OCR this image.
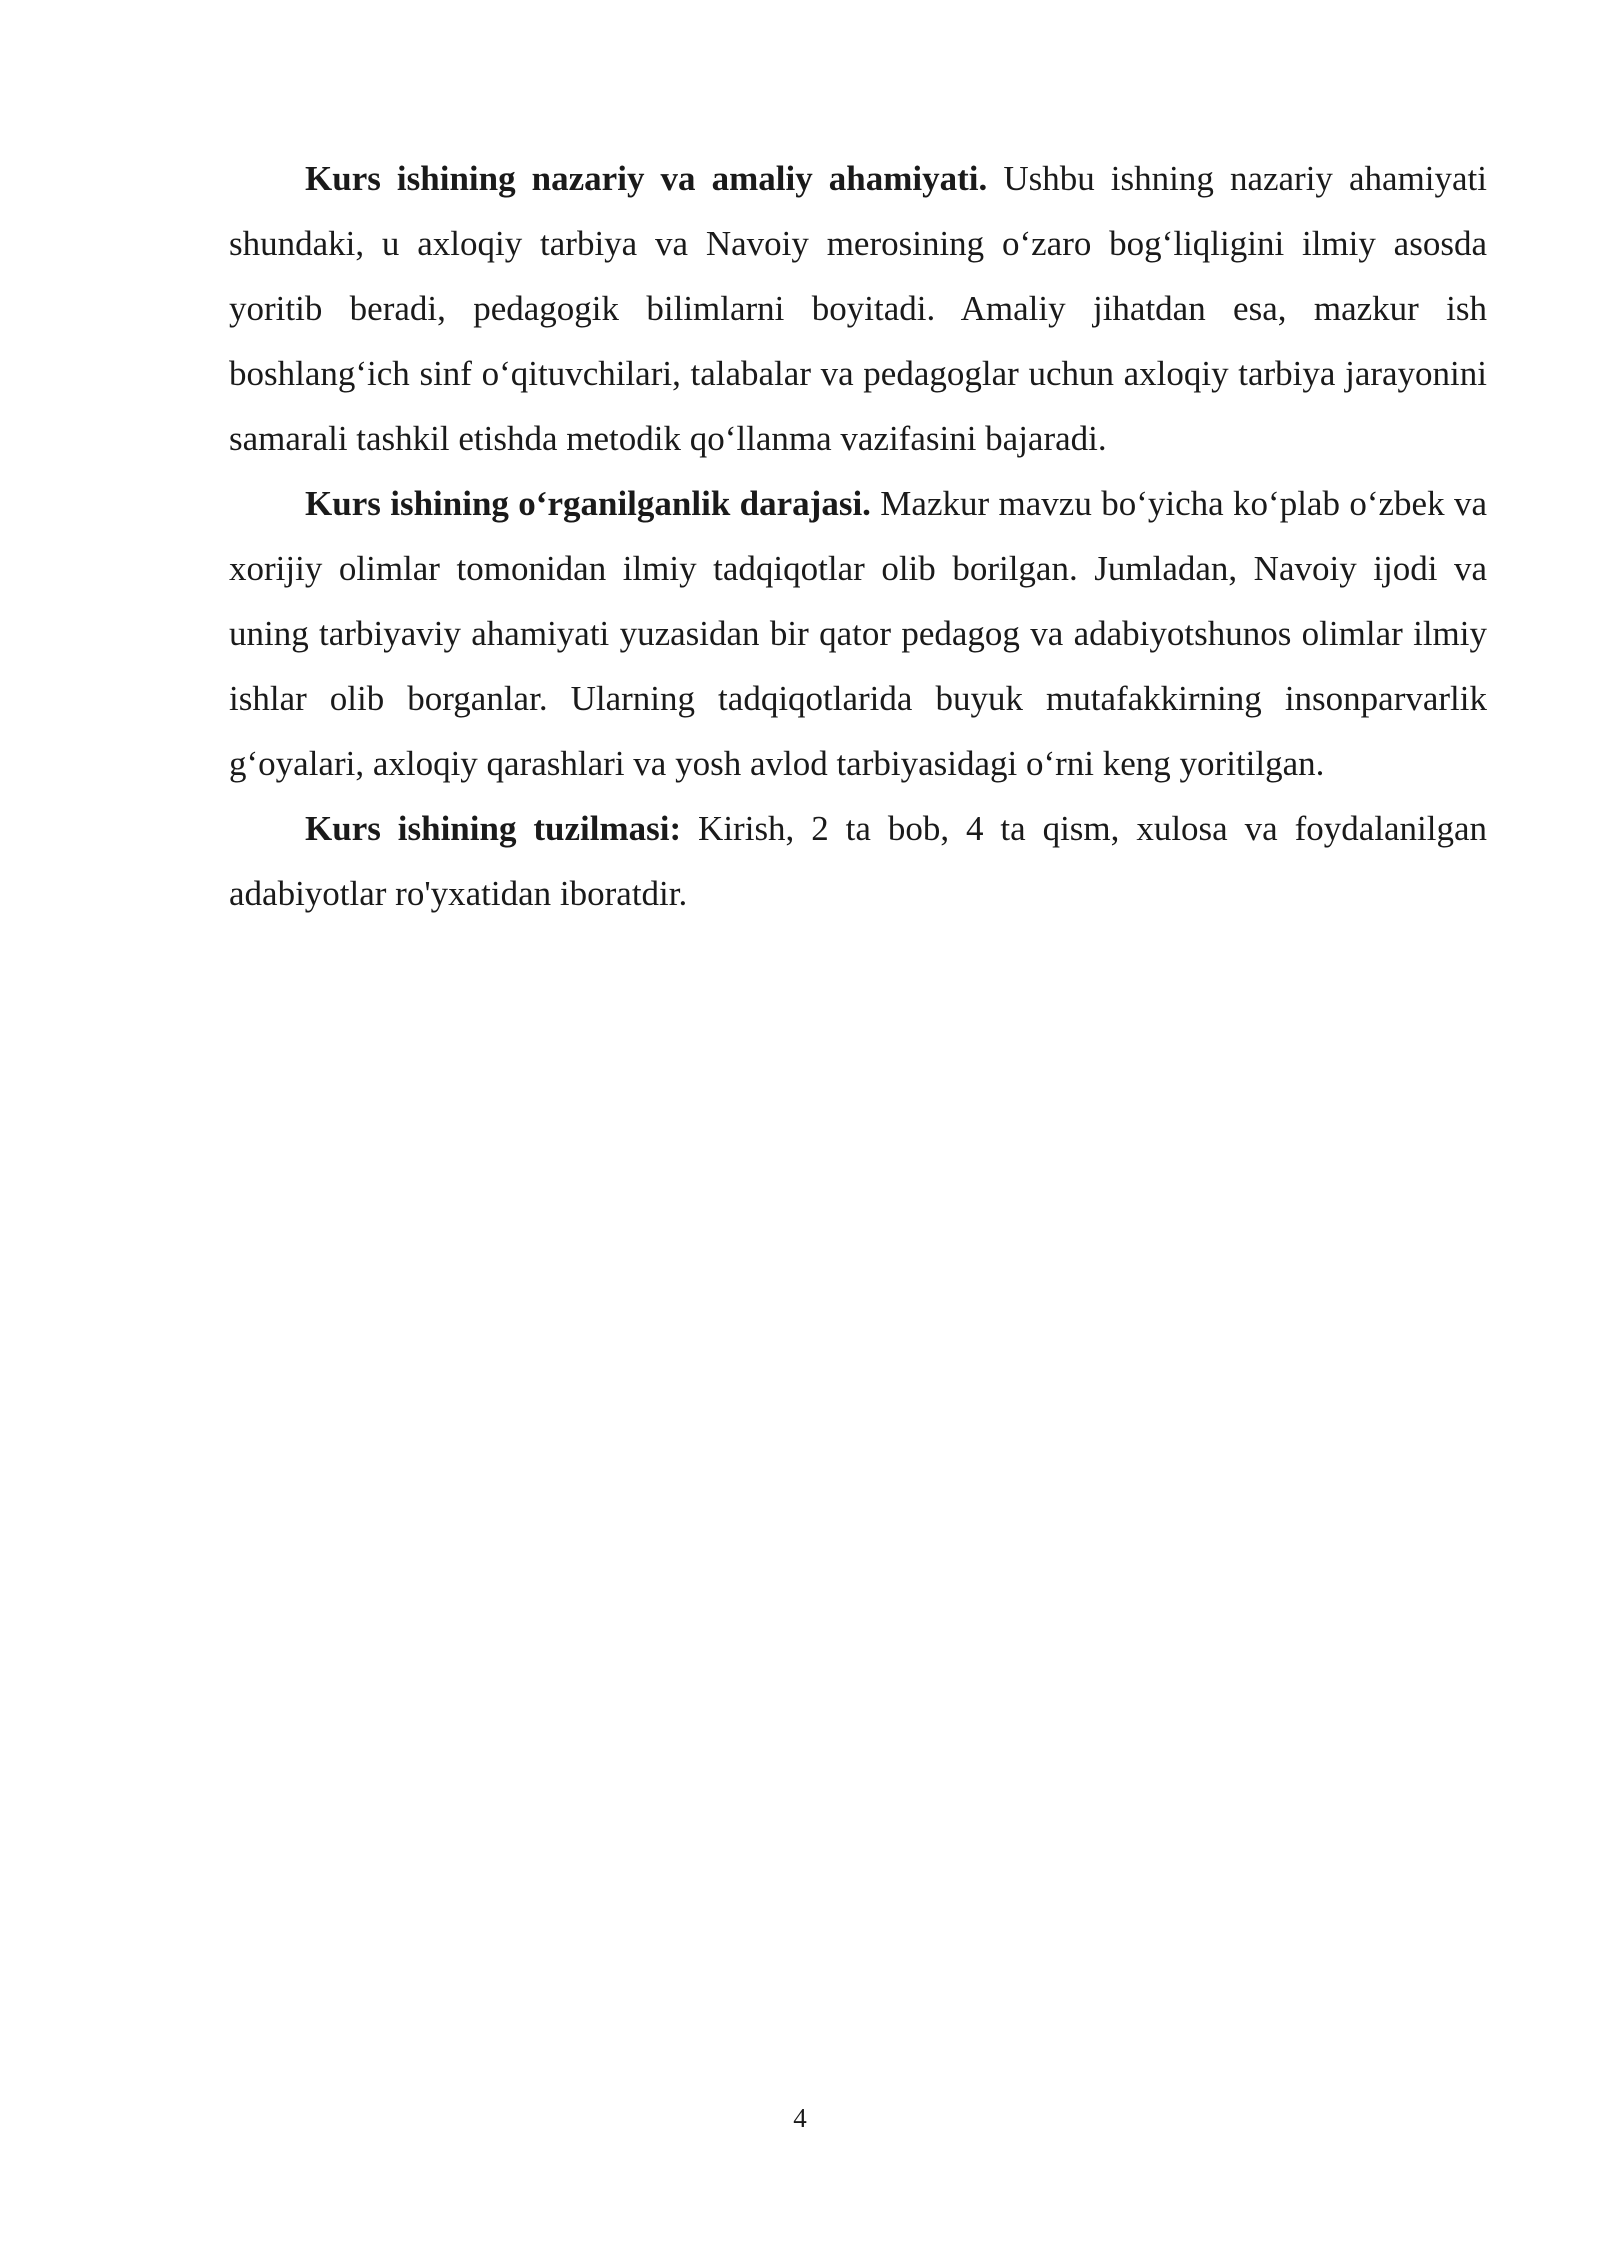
Kurs ishining nazariy va amaliy ahamiyati. Ushbu ishning nazariy ahamiyati shundaki, u axloqiy tarbiya va Navoiy merosining o‘zaro bog‘liqligini ilmiy asosda yoritib beradi, pedagogik bilimlarni boyitadi. Amaliy jihatdan esa, mazkur ish boshlang‘ich sinf o‘qituvchilari, talabalar va pedagoglar uchun axloqiy tarbiya jarayonini samarali tashkil etishda metodik qo‘llanma vazifasini bajaradi.

Kurs ishining o‘rganilganlik darajasi. Mazkur mavzu bo‘yicha ko‘plab o‘zbek va xorijiy olimlar tomonidan ilmiy tadqiqotlar olib borilgan. Jumladan, Navoiy ijodi va uning tarbiyaviy ahamiyati yuzasidan bir qator pedagog va adabiyotshunos olimlar ilmiy ishlar olib borganlar. Ularning tadqiqotlarida buyuk mutafakkirning insonparvarlik g‘oyalari, axloqiy qarashlari va yosh avlod tarbiyasidagi o‘rni keng yoritilgan.

Kurs ishining tuzilmasi: Kirish, 2 ta bob, 4 ta qism, xulosa va foydalanilgan adabiyotlar ro'yxatidan iboratdir.

4
